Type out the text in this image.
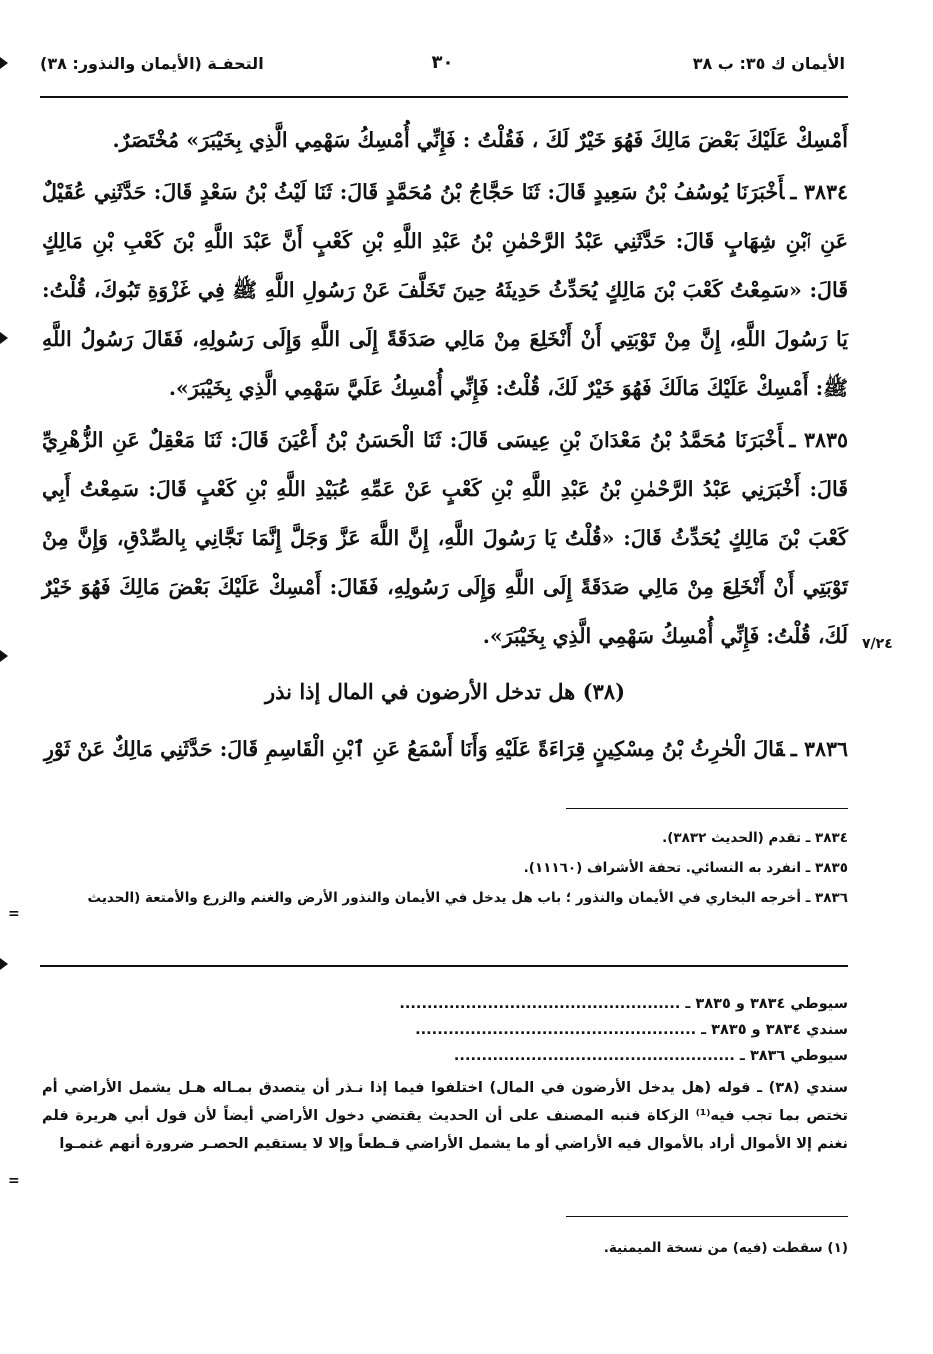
الأيمان ك ٣٥: ب ٣٨
٣٠
التحفـة (الأيمان والنذور: ٣٨)

أَمْسِكْ عَلَيْكَ بَعْضَ مَالِكَ فَهُوَ خَيْرٌ لَكَ ، فَقُلْتُ : فَإِنِّي أُمْسِكُ سَهْمِي الَّذِي بِخَيْبَرَ» مُخْتَصَرٌ.

٣٨٣٤ ـأَخْبَرَنَا يُوسُفُ بْنُ سَعِيدٍ قَالَ: ثَنَا حَجَّاجُ بْنُ مُحَمَّدٍ قَالَ: ثَنَا لَيْثُ بْنُ سَعْدٍ قَالَ: حَدَّثَنِي عُقَيْلٌ عَنِ ٱبْنِ شِهَابٍ قَالَ: حَدَّثَنِي عَبْدُ الرَّحْمٰنِ بْنُ عَبْدِ اللَّهِ بْنِ كَعْبٍ أَنَّ عَبْدَ اللَّهِ بْنَ كَعْبِ بْنِ مَالِكٍ قَالَ: «سَمِعْتُ كَعْبَ بْنَ مَالِكٍ يُحَدِّثُ حَدِيثَهُ حِينَ تَخَلَّفَ عَنْ رَسُولِ اللَّهِ ﷺ فِي غَزْوَةِ تَبُوكَ، قُلْتُ: يَا رَسُولَ اللَّهِ، إِنَّ مِنْ تَوْبَتِي أَنْ أَنْخَلِعَ مِنْ مَالِي صَدَقَةً إِلَى اللَّهِ وَإِلَى رَسُولِهِ، فَقَالَ رَسُولُ اللَّهِ ﷺ: أَمْسِكْ عَلَيْكَ مَالَكَ فَهُوَ خَيْرٌ لَكَ، قُلْتُ: فَإِنِّي أُمْسِكُ عَلَيَّ سَهْمِي الَّذِي بِخَيْبَرَ».

٣٨٣٥ ـأَخْبَرَنَا مُحَمَّدُ بْنُ مَعْدَانَ بْنِ عِيسَى قَالَ: ثَنَا الْحَسَنُ بْنُ أَعْيَنَ قَالَ: ثَنَا مَعْقِلٌ عَنِ الزُّهْرِيِّ قَالَ: أَخْبَرَنِي عَبْدُ الرَّحْمٰنِ بْنُ عَبْدِ اللَّهِ بْنِ كَعْبٍ عَنْ عَمِّهِ عُبَيْدِ اللَّهِ بْنِ كَعْبٍ قَالَ: سَمِعْتُ أَبِي كَعْبَ بْنَ مَالِكٍ يُحَدِّثُ قَالَ: «قُلْتُ يَا رَسُولَ اللَّهِ، إِنَّ اللَّهَ عَزَّ وَجَلَّ إِنَّمَا نَجَّانِي بِالصِّدْقِ، وَإِنَّ مِنْ تَوْبَتِي أَنْ أَنْخَلِعَ مِنْ مَالِي صَدَقَةً إِلَى اللَّهِ وَإِلَى رَسُولِهِ، فَقَالَ: أَمْسِكْ عَلَيْكَ بَعْضَ مَالِكَ فَهُوَ خَيْرٌ لَكَ، قُلْتُ: فَإِنِّي أُمْسِكُ سَهْمِي الَّذِي بِخَيْبَرَ». ٧/٢٤
(٣٨) هل تدخل الأرضون في المال إذا نذر

٣٨٣٦ ـقَالَ الْحٰرِثُ بْنُ مِسْكِينٍ قِرَاءَةً عَلَيْهِ وَأَنَا أَسْمَعُ عَنِ ٱبْنِ الْقَاسِمِ قَالَ: حَدَّثَنِي مَالِكٌ عَنْ ثَوْرِ

٣٨٣٤ ـ تقدم (الحديث ٣٨٣٢).

٣٨٣٥ ـ انفرد به النسائي. تحفة الأشراف (١١١٦٠).

٣٨٣٦ ـ أخرجه البخاري في الأيمان والنذور ؛ باب هل يدخل في الأيمان والنذور الأرض والغنم والزرع والأمتعة (الحديث

=

سيوطي ٣٨٣٤ و ٣٨٣٥ ـ ...................................................

سندي ٣٨٣٤ و ٣٨٣٥ ـ ...................................................

سيوطي ٣٨٣٦ ـ ...................................................

سندي (٣٨) ـ قوله (هل يدخل الأرضون في المال) اختلفوا فيما إذا نـذر أن يتصدق بمـاله هـل يشمل الأراضي أم تختص بما تجب فيه⁽¹⁾ الزكاة فنبه المصنف على أن الحديث يقتضي دخول الأراضي أيضاً لأن قول أبي هريرة فلم نغنم إلا الأموال أراد بالأموال فيه الأراضي أو ما يشمل الأراضي قـطعاً وإلا لا يستقيم الحصـر ضرورة أنهم غنمـوا

=

(١) سقطت (فيه) من نسخة الميمنية.
